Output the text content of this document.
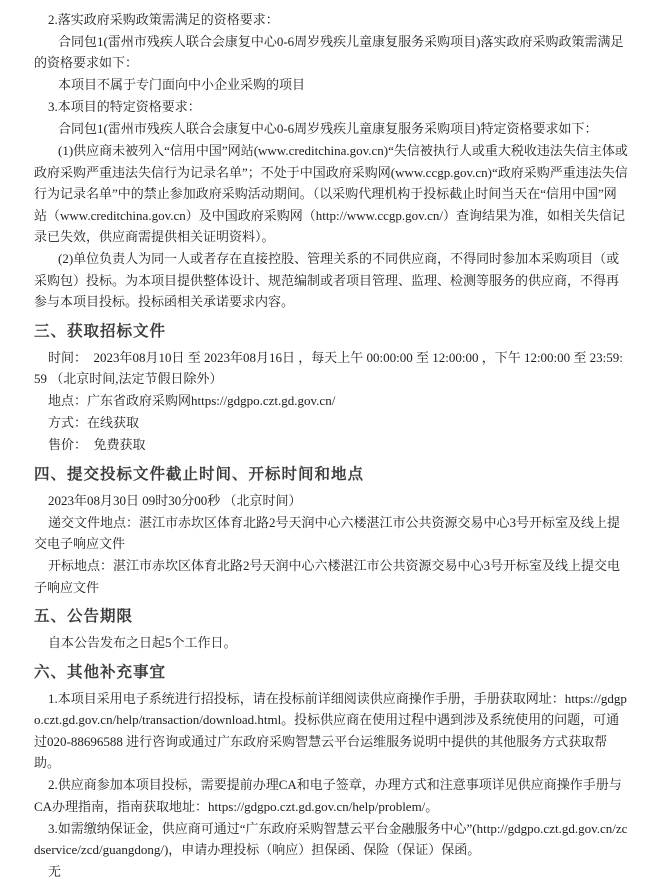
2.落实政府采购政策需满足的资格要求：

合同包1(雷州市残疾人联合会康复中心0-6周岁残疾儿童康复服务采购项目)落实政府采购政策需满足的资格要求如下：

本项目不属于专门面向中小企业采购的项目

3.本项目的特定资格要求：

合同包1(雷州市残疾人联合会康复中心0-6周岁残疾儿童康复服务采购项目)特定资格要求如下：

(1)供应商未被列入“信用中国”网站(www.creditchina.gov.cn)“失信被执行人或重大税收违法失信主体或政府采购严重违法失信行为记录名单”；不处于中国政府采购网(www.ccgp.gov.cn)“政府采购严重违法失信行为记录名单”中的禁止参加政府采购活动期间。（以采购代理机构于投标截止时间当天在“信用中国”网站（www.creditchina.gov.cn）及中国政府采购网（http://www.ccgp.gov.cn/）查询结果为准，如相关失信记录已失效，供应商需提供相关证明资料）。

(2)单位负责人为同一人或者存在直接控股、管理关系的不同供应商，不得同时参加本采购项目（或采购包）投标。为本项目提供整体设计、规范编制或者项目管理、监理、检测等服务的供应商，不得再参与本项目投标。投标函相关承诺要求内容。

三、获取招标文件

时间：  2023年08月10日 至 2023年08月16日 ，每天上午 00:00:00 至 12:00:00 ，下午 12:00:00 至 23:59:59 （北京时间,法定节假日除外）

地点：广东省政府采购网https://gdgpo.czt.gd.gov.cn/

方式：在线获取

售价：  免费获取

四、提交投标文件截止时间、开标时间和地点

2023年08月30日 09时30分00秒 （北京时间）

递交文件地点：湛江市赤坎区体育北路2号天润中心六楼湛江市公共资源交易中心3号开标室及线上提交电子响应文件

开标地点：湛江市赤坎区体育北路2号天润中心六楼湛江市公共资源交易中心3号开标室及线上提交电子响应文件

五、公告期限

自本公告发布之日起5个工作日。

六、其他补充事宜

1.本项目采用电子系统进行招投标，请在投标前详细阅读供应商操作手册，手册获取网址：https://gdgpo.czt.gd.gov.cn/help/transaction/download.html。投标供应商在使用过程中遇到涉及系统使用的问题，可通过020-88696588 进行咨询或通过广东政府采购智慧云平台运维服务说明中提供的其他服务方式获取帮助。

2.供应商参加本项目投标，需要提前办理CA和电子签章，办理方式和注意事项详见供应商操作手册与CA办理指南，指南获取地址：https://gdgpo.czt.gd.gov.cn/help/problem/。

3.如需缴纳保证金，供应商可通过“广东政府采购智慧云平台金融服务中心”(http://gdgpo.czt.gd.gov.cn/zcdservice/zcd/guangdong/)，申请办理投标（响应）担保函、保险（保证）保函。

无
